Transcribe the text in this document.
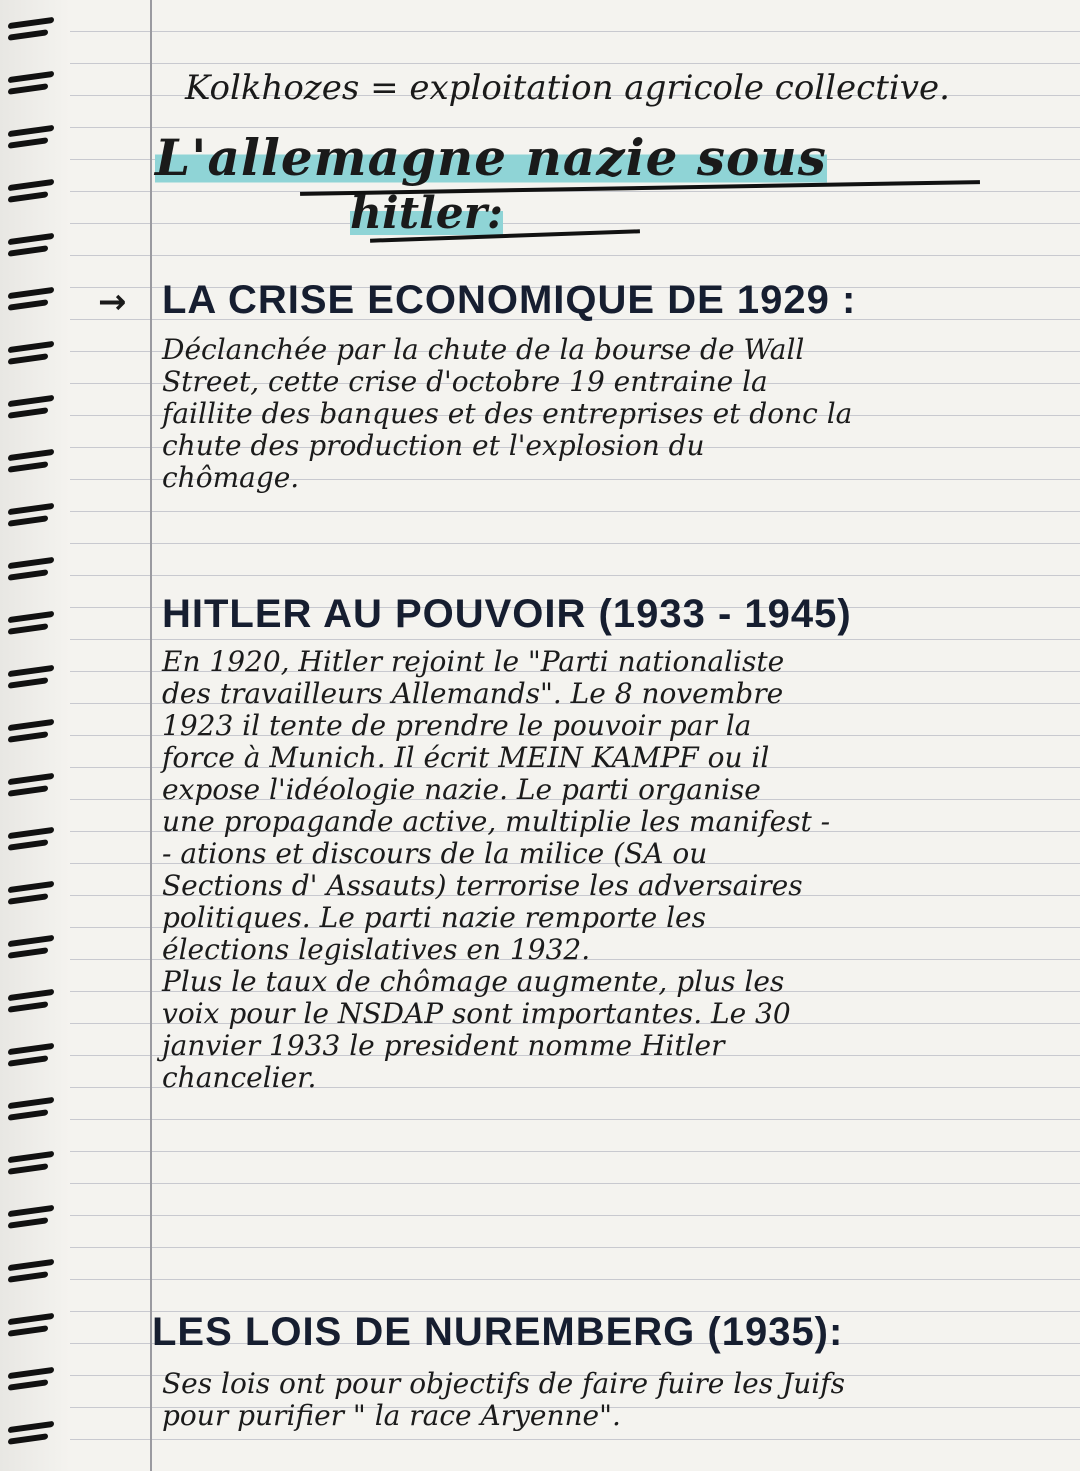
Kolkhozes = exploitation agricole collective.
L'allemagne nazie sous
hitler:
→ LA CRISE ECONOMIQUE DE 1929 :
Déclanchée par la chute de la bourse de Wall
Street, cette crise d'octobre 19 entraine la
faillite des banques et des entreprises et donc la
chute des production et l'explosion du
chômage.
HITLER AU POUVOIR (1933 - 1945)
En 1920, Hitler rejoint le "Parti nationaliste
des travailleurs Allemands". Le 8 novembre
1923 il tente de prendre le pouvoir par la
force à Munich. Il écrit MEIN KAMPF ou il
expose l'idéologie nazie. Le parti organise
une propagande active, multiplie les manifest -
- ations et discours de la milice (SA ou
Sections d' Assauts) terrorise les adversaires
politiques. Le parti nazie remporte les
élections legislatives en 1932.
Plus le taux de chômage augmente, plus les
voix pour le NSDAP sont importantes. Le 30
janvier 1933 le president nomme Hitler
chancelier.
LES LOIS DE NUREMBERG (1935):
Ses lois ont pour objectifs de faire fuire les Juifs
pour purifier " la race Aryenne".
